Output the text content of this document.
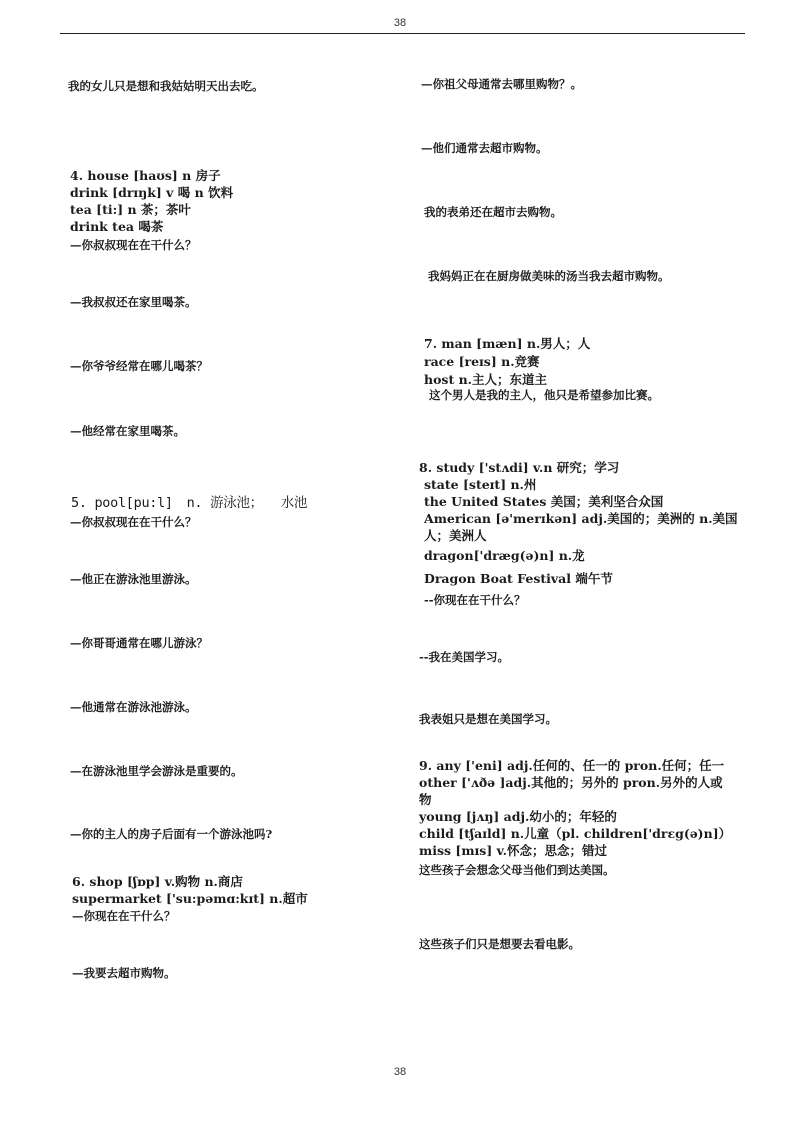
38
我的女儿只是想和我姑姑明天出去吃。
4. house [haʊs] n 房子
drink [drɪŋk] v 喝 n 饮料
tea [ti:] n 茶；茶叶
drink tea 喝茶
—你叔叔现在在干什么？
—我叔叔还在家里喝茶。
—你爷爷经常在哪儿喝茶？
—他经常在家里喝茶。
5. pool[pu:l] n. 游泳池； 水池
—你叔叔现在在干什么？
—他正在游泳池里游泳。
—你哥哥通常在哪儿游泳？
—他通常在游泳池游泳。
—在游泳池里学会游泳是重要的。
—你的主人的房子后面有一个游泳池吗?
6. shop [ʃɒp] v.购物 n.商店
supermarket ['su:pəmɑ:kɪt] n.超市
—你现在在干什么？
—我要去超市购物。
—你祖父母通常去哪里购物？。
—他们通常去超市购物。
我的表弟还在超市去购物。
我妈妈正在在厨房做美味的汤当我去超市购物。
7. man [mæn] n.男人；人
race [reɪs] n.竞赛
host n.主人；东道主
这个男人是我的主人，他只是希望参加比赛。
8. study ['stʌdi] v.n 研究；学习
state [steɪt] n.州
the United States 美国；美利坚合众国
American [ə'merɪkən] adj.美国的；美洲的 n.美国
人；美洲人
dragon['dræg(ə)n] n.龙
Dragon Boat Festival 端午节
--你现在在干什么？
--我在美国学习。
我表姐只是想在美国学习。
9. any ['eni] adj.任何的、任一的 pron.任何；任一
other ['ʌðə ]adj.其他的；另外的 pron.另外的人或
物
young [jʌŋ] adj.幼小的；年轻的
child [tʃaɪld] n.儿童（pl. children['drεg(ə)n]）
miss [mɪs] v.怀念；思念；错过
这些孩子会想念父母当他们到达美国。
这些孩子们只是想要去看电影。
38
